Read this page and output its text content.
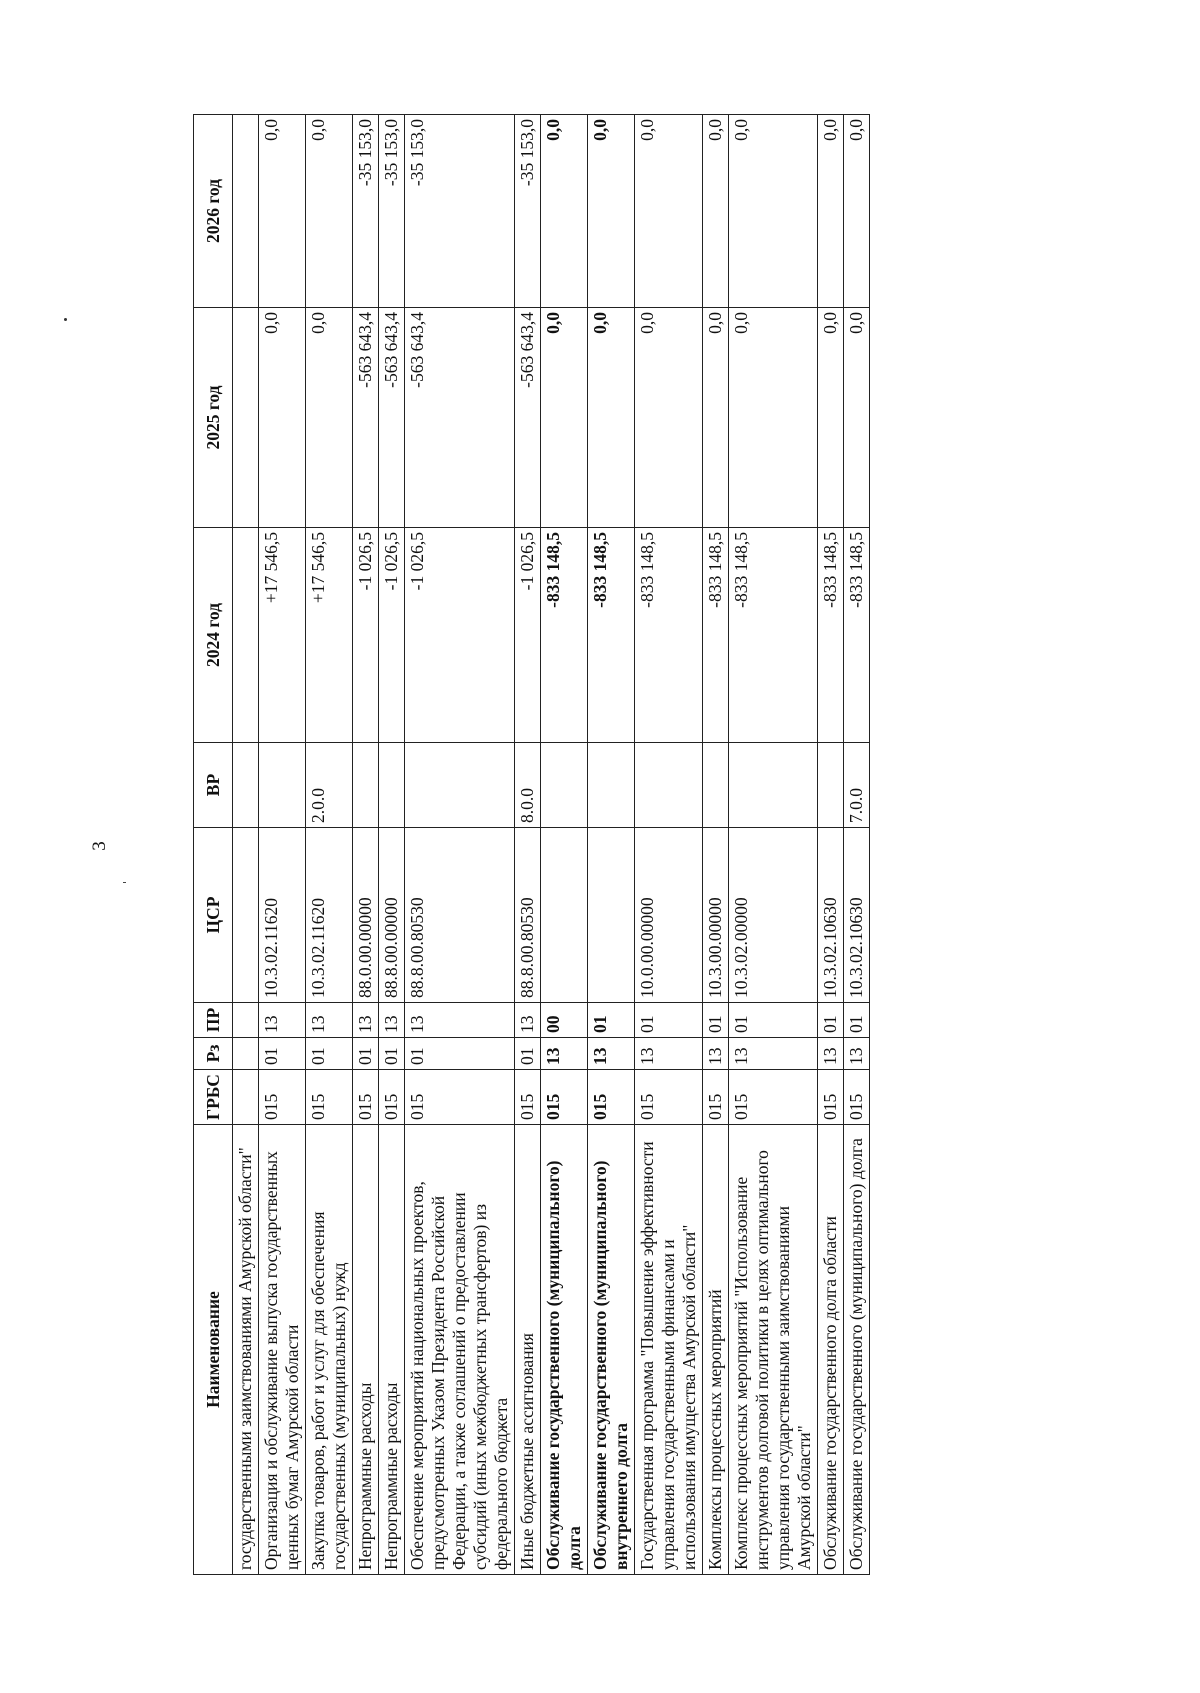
3
Наименование	ГРБС	Рз	ПР	ЦСР	ВР	2024 год	2025 год	2026 год
государственными заимствованиями Амурской области"								
Организация и обслуживание выпуска государственных ценных бумаг Амурской области	015	01	13	10.3.02.11620		+17 546,5	0,0	0,0
Закупка товаров, работ и услуг для обеспечения государственных (муниципальных) нужд	015	01	13	10.3.02.11620	2.0.0	+17 546,5	0,0	0,0
Непрограммные расходы	015	01	13	88.0.00.00000		-1 026,5	-563 643,4	-35 153,0
Непрограммные расходы	015	01	13	88.8.00.00000		-1 026,5	-563 643,4	-35 153,0
Обеспечение мероприятий национальных проектов, предусмотренных Указом Президента Российской Федерации, а также соглашений о предоставлении субсидий (иных межбюджетных трансфертов) из федерального бюджета	015	01	13	88.8.00.80530		-1 026,5	-563 643,4	-35 153,0
Иные бюджетные ассигнования	015	01	13	88.8.00.80530	8.0.0	-1 026,5	-563 643,4	-35 153,0
Обслуживание государственного (муниципального) долга	015	13	00			-833 148,5	0,0	0,0
Обслуживание государственного (муниципального) внутреннего долга	015	13	01			-833 148,5	0,0	0,0
Государственная программа "Повышение эффективности управления государственными финансами и использования имущества Амурской области"	015	13	01	10.0.00.00000		-833 148,5	0,0	0,0
Комплексы процессных мероприятий	015	13	01	10.3.00.00000		-833 148,5	0,0	0,0
Комплекс процессных мероприятий "Использование инструментов долговой политики в целях оптимального управления государственными заимствованиями Амурской области"	015	13	01	10.3.02.00000		-833 148,5	0,0	0,0
Обслуживание государственного долга области	015	13	01	10.3.02.10630		-833 148,5	0,0	0,0
Обслуживание государственного (муниципального) долга	015	13	01	10.3.02.10630	7.0.0	-833 148,5	0,0	0,0
